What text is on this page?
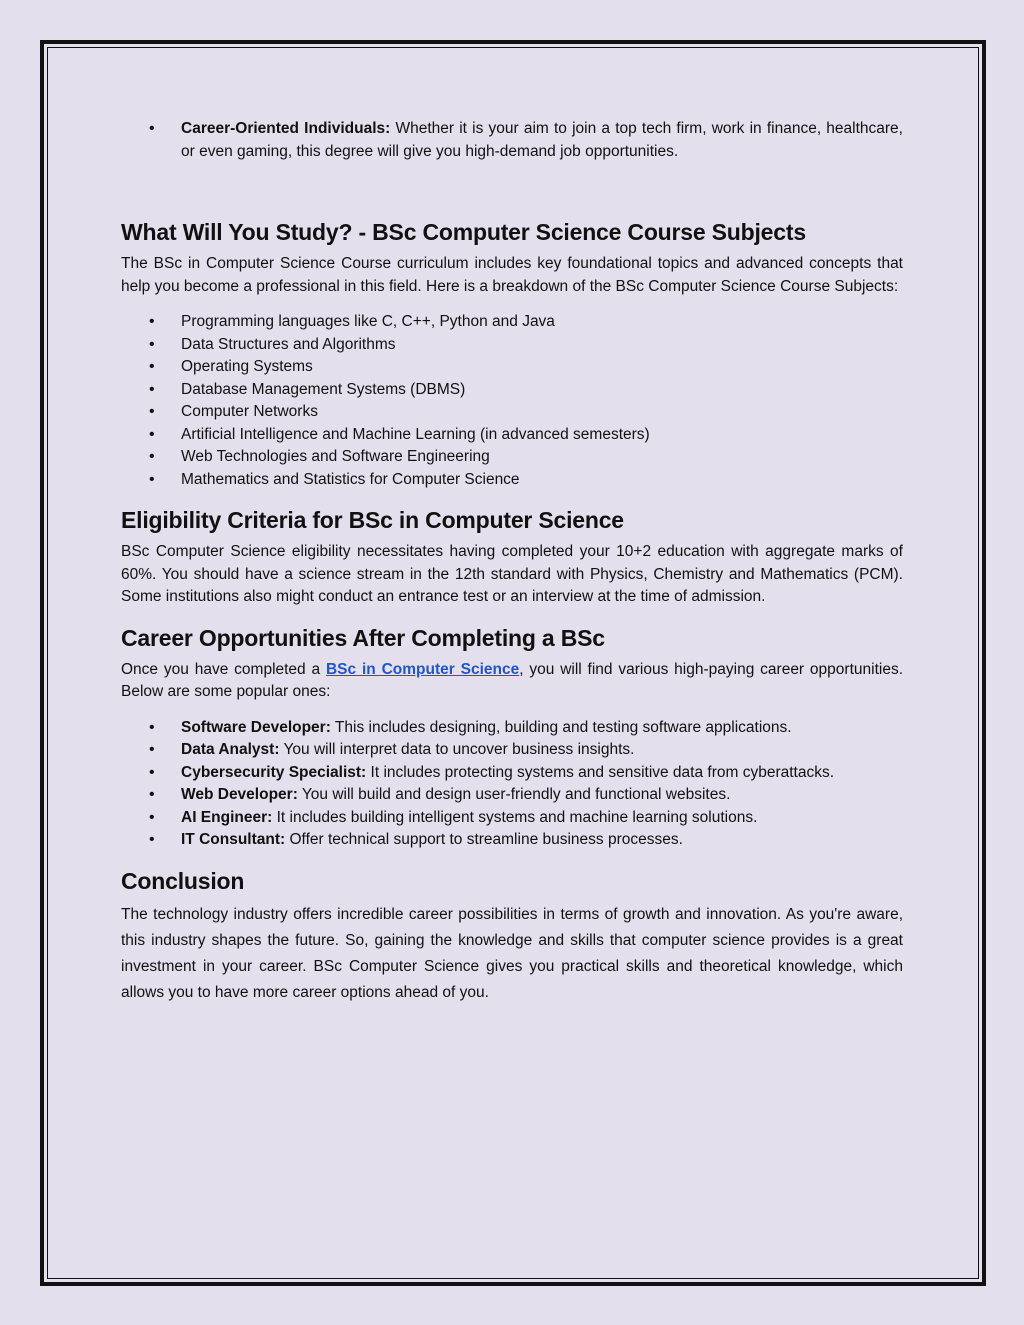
• Career-Oriented Individuals: Whether it is your aim to join a top tech firm, work in finance, healthcare, or even gaming, this degree will give you high-demand job opportunities.
What Will You Study? - BSc Computer Science Course Subjects

The BSc in Computer Science Course curriculum includes key foundational topics and advanced concepts that help you become a professional in this field. Here is a breakdown of the BSc Computer Science Course Subjects:

• Programming languages like C, C++, Python and Java
• Data Structures and Algorithms
• Operating Systems
• Database Management Systems (DBMS)
• Computer Networks
• Artificial Intelligence and Machine Learning (in advanced semesters)
• Web Technologies and Software Engineering
• Mathematics and Statistics for Computer Science
Eligibility Criteria for BSc in Computer Science

BSc Computer Science eligibility necessitates having completed your 10+2 education with aggregate marks of 60%. You should have a science stream in the 12th standard with Physics, Chemistry and Mathematics (PCM). Some institutions also might conduct an entrance test or an interview at the time of admission.

Career Opportunities After Completing a BSc

Once you have completed a BSc in Computer Science, you will find various high-paying career opportunities. Below are some popular ones:

• Software Developer: This includes designing, building and testing software applications.
• Data Analyst: You will interpret data to uncover business insights.
• Cybersecurity Specialist: It includes protecting systems and sensitive data from cyberattacks.
• Web Developer: You will build and design user-friendly and functional websites.
• AI Engineer: It includes building intelligent systems and machine learning solutions.
• IT Consultant: Offer technical support to streamline business processes.
Conclusion

The technology industry offers incredible career possibilities in terms of growth and innovation. As you're aware, this industry shapes the future. So, gaining the knowledge and skills that computer science provides is a great investment in your career. BSc Computer Science gives you practical skills and theoretical knowledge, which allows you to have more career options ahead of you.
